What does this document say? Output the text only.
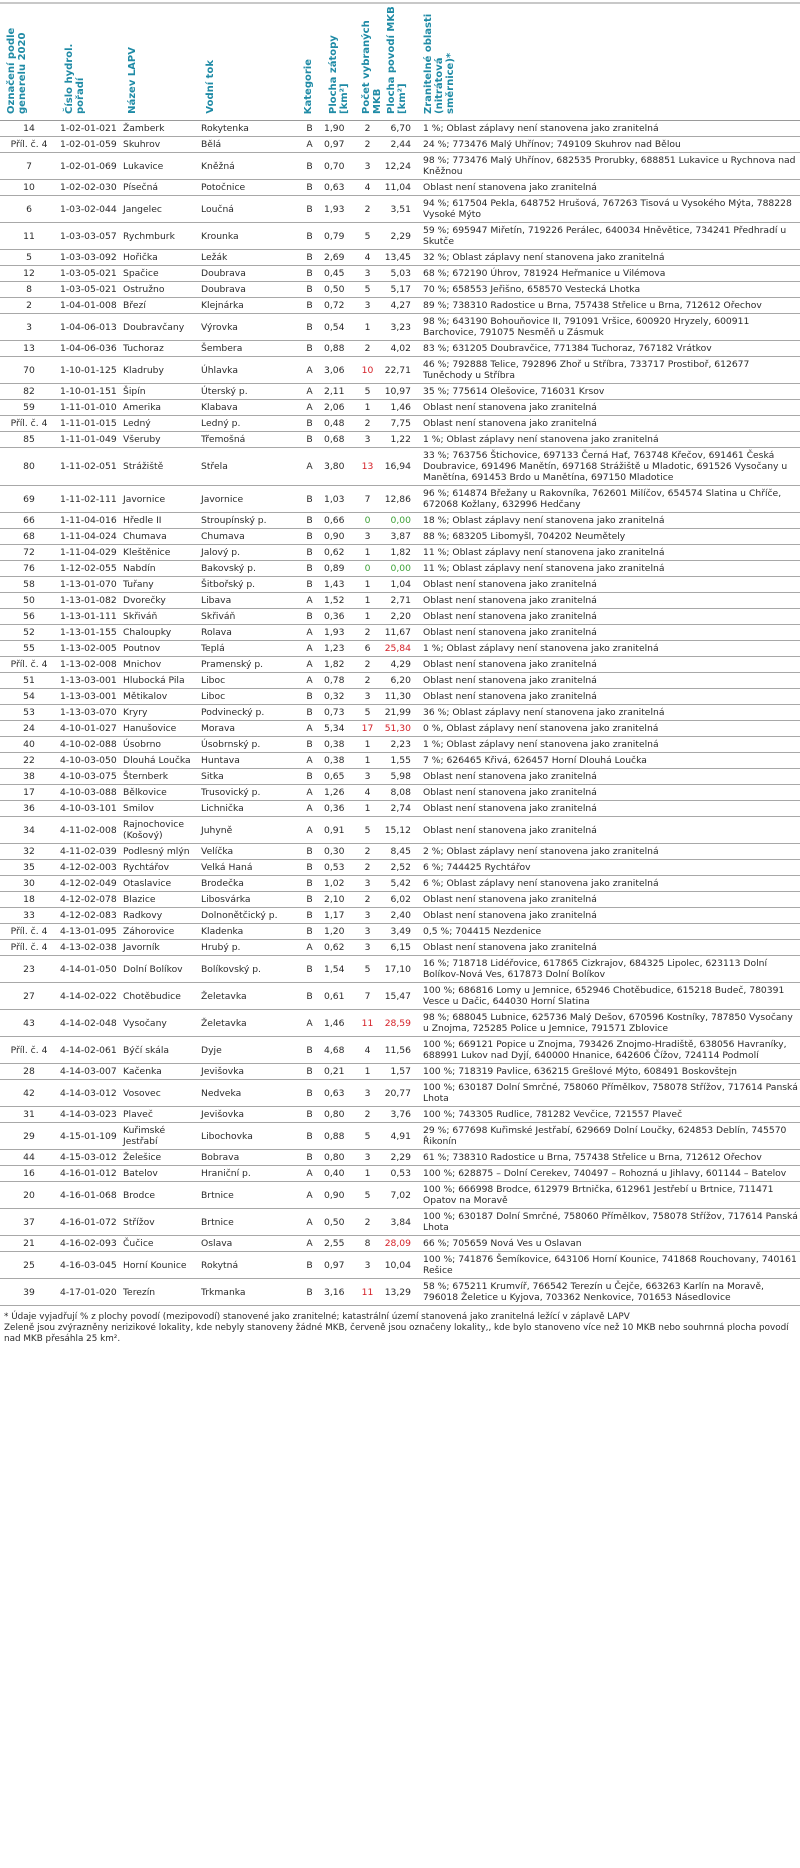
Označení podle generelu 2020	Číslo hydrol. pořadí	Název LAPV	Vodní tok	Kategorie	Plocha zátopy [km²]	Počet vybraných MKB	Plocha povodí MKB [km²]	Zranitelné oblasti (nitrátová směrnice)*

14	1-02-01-021	Žamberk	Rokytenka	B	1,90	2	6,70	1 %; Oblast záplavy není stanovena jako zranitelná
Příl. č. 4	1-02-01-059	Skuhrov	Bělá	A	0,97	2	2,44	24 %; 773476 Malý Uhřínov; 749109 Skuhrov nad Bělou
7	1-02-01-069	Lukavice	Kněžná	B	0,70	3	12,24	98 %; 773476 Malý Uhřínov, 682535 Prorubky, 688851 Lukavice u Rychnova nad Kněžnou
10	1-02-02-030	Písečná	Potočnice	B	0,63	4	11,04	Oblast není stanovena jako zranitelná
6	1-03-02-044	Jangelec	Loučná	B	1,93	2	3,51	94 %; 617504 Pekla, 648752 Hrušová, 767263 Tisová u Vysokého Mýta, 788228 Vysoké Mýto
11	1-03-03-057	Rychmburk	Krounka	B	0,79	5	2,29	59 %; 695947 Miřetín, 719226 Perálec, 640034 Hněvětice, 734241 Předhradí u Skutče
5	1-03-03-092	Hořička	Ležák	B	2,69	4	13,45	32 %; Oblast záplavy není stanovena jako zranitelná
12	1-03-05-021	Spačice	Doubrava	B	0,45	3	5,03	68 %; 672190 Úhrov, 781924 Heřmanice u Vilémova
8	1-03-05-021	Ostružno	Doubrava	B	0,50	5	5,17	70 %; 658553 Jeřišno, 658570 Vestecká Lhotka
2	1-04-01-008	Březí	Klejnárka	B	0,72	3	4,27	89 %; 738310 Radostice u Brna, 757438 Střelice u Brna, 712612 Ořechov
3	1-04-06-013	Doubravčany	Výrovka	B	0,54	1	3,23	98 %; 643190 Bohouňovice II, 791091 Vršice, 600920 Hryzely, 600911 Barchovice, 791075 Nesměň u Zásmuk
13	1-04-06-036	Tuchoraz	Šembera	B	0,88	2	4,02	83 %; 631205 Doubravčice, 771384 Tuchoraz, 767182 Vrátkov
70	1-10-01-125	Kladruby	Úhlavka	A	3,06	10	22,71	46 %; 792888 Telice, 792896 Zhoř u Stříbra, 733717 Prostiboř, 612677 Tuněchody u Stříbra
82	1-10-01-151	Šipín	Úterský p.	A	2,11	5	10,97	35 %; 775614 Olešovice, 716031 Krsov
59	1-11-01-010	Amerika	Klabava	A	2,06	1	1,46	Oblast není stanovena jako zranitelná
Příl. č. 4	1-11-01-015	Ledný	Ledný p.	B	0,48	2	7,75	Oblast není stanovena jako zranitelná
85	1-11-01-049	Všeruby	Třemošná	B	0,68	3	1,22	1 %; Oblast záplavy není stanovena jako zranitelná
80	1-11-02-051	Strážiště	Střela	A	3,80	13	16,94	33 %; 763756 Štichovice, 697133 Černá Hať, 763748 Křečov, 691461 Česká Doubravice, 691496 Manětín, 697168 Strážiště u Mladotic, 691526 Vysočany u Manětína, 691453 Brdo u Manětína, 697150 Mladotice
69	1-11-02-111	Javornice	Javornice	B	1,03	7	12,86	96 %; 614874 Břežany u Rakovníka, 762601 Milíčov, 654574 Slatina u Chříče, 672068 Kožlany, 632996 Hedčany
66	1-11-04-016	Hředle II	Stroupínský p.	B	0,66	0	0,00	18 %; Oblast záplavy není stanovena jako zranitelná
68	1-11-04-024	Chumava	Chumava	B	0,90	3	3,87	88 %; 683205 Libomyšl, 704202 Neumětely
72	1-11-04-029	Kleštěnice	Jalový p.	B	0,62	1	1,82	11 %; Oblast záplavy není stanovena jako zranitelná
76	1-12-02-055	Nabdín	Bakovský p.	B	0,89	0	0,00	11 %; Oblast záplavy není stanovena jako zranitelná
58	1-13-01-070	Tuřany	Šitbořský p.	B	1,43	1	1,04	Oblast není stanovena jako zranitelná
50	1-13-01-082	Dvorečky	Libava	A	1,52	1	2,71	Oblast není stanovena jako zranitelná
56	1-13-01-111	Skřiváň	Skřiváň	B	0,36	1	2,20	Oblast není stanovena jako zranitelná
52	1-13-01-155	Chaloupky	Rolava	A	1,93	2	11,67	Oblast není stanovena jako zranitelná
55	1-13-02-005	Poutnov	Teplá	A	1,23	6	25,84	1 %; Oblast záplavy není stanovena jako zranitelná
Příl. č. 4	1-13-02-008	Mnichov	Pramenský p.	A	1,82	2	4,29	Oblast není stanovena jako zranitelná
51	1-13-03-001	Hlubocká Pila	Liboc	A	0,78	2	6,20	Oblast není stanovena jako zranitelná
54	1-13-03-001	Mětikalov	Liboc	B	0,32	3	11,30	Oblast není stanovena jako zranitelná
53	1-13-03-070	Kryry	Podvinecký p.	B	0,73	5	21,99	36 %; Oblast záplavy není stanovena jako zranitelná
24	4-10-01-027	Hanušovice	Morava	A	5,34	17	51,30	0 %, Oblast záplavy není stanovena jako zranitelná
40	4-10-02-088	Úsobrno	Úsobrnský p.	B	0,38	1	2,23	1 %; Oblast záplavy není stanovena jako zranitelná
22	4-10-03-050	Dlouhá Loučka	Huntava	A	0,38	1	1,55	7 %; 626465 Křivá, 626457 Horní Dlouhá Loučka
38	4-10-03-075	Šternberk	Sitka	B	0,65	3	5,98	Oblast není stanovena jako zranitelná
17	4-10-03-088	Bělkovice	Trusovický p.	A	1,26	4	8,08	Oblast není stanovena jako zranitelná
36	4-10-03-101	Smilov	Lichnička	A	0,36	1	2,74	Oblast není stanovena jako zranitelná
34	4-11-02-008	Rajnochovice (Košový)	Juhyně	A	0,91	5	15,12	Oblast není stanovena jako zranitelná
32	4-11-02-039	Podlesný mlýn	Velíčka	B	0,30	2	8,45	2 %; Oblast záplavy není stanovena jako zranitelná
35	4-12-02-003	Rychtářov	Velká Haná	B	0,53	2	2,52	6 %; 744425 Rychtářov
30	4-12-02-049	Otaslavice	Brodečka	B	1,02	3	5,42	6 %; Oblast záplavy není stanovena jako zranitelná
18	4-12-02-078	Blazice	Libosvárka	B	2,10	2	6,02	Oblast není stanovena jako zranitelná
33	4-12-02-083	Radkovy	Dolnonětčický p.	B	1,17	3	2,40	Oblast není stanovena jako zranitelná
Příl. č. 4	4-13-01-095	Záhorovice	Kladenka	B	1,20	3	3,49	0,5 %; 704415 Nezdenice
Příl. č. 4	4-13-02-038	Javorník	Hrubý p.	A	0,62	3	6,15	Oblast není stanovena jako zranitelná
23	4-14-01-050	Dolní Bolíkov	Bolíkovský p.	B	1,54	5	17,10	16 %; 718718 Lidéřovice, 617865 Cizkrajov, 684325 Lipolec, 623113 Dolní Bolíkov-Nová Ves, 617873 Dolní Bolíkov
27	4-14-02-022	Chotěbudice	Želetavka	B	0,61	7	15,47	100 %; 686816 Lomy u Jemnice, 652946 Chotěbudice, 615218 Budeč, 780391 Vesce u Dačic, 644030 Horní Slatina
43	4-14-02-048	Vysočany	Želetavka	A	1,46	11	28,59	98 %; 688045 Lubnice, 625736 Malý Dešov, 670596 Kostníky, 787850 Vysočany u Znojma, 725285 Police u Jemnice, 791571 Zblovice
Příl. č. 4	4-14-02-061	Býčí skála	Dyje	B	4,68	4	11,56	100 %; 669121 Popice u Znojma, 793426 Znojmo-Hradiště, 638056 Havraníky, 688991 Lukov nad Dyjí, 640000 Hnanice, 642606 Čížov, 724114 Podmolí
28	4-14-03-007	Kačenka	Jevišovka	B	0,21	1	1,57	100 %; 718319 Pavlice, 636215 Grešlové Mýto, 608491 Boskovštejn
42	4-14-03-012	Vosovec	Nedveka	B	0,63	3	20,77	100 %; 630187 Dolní Smrčné, 758060 Přímělkov, 758078 Střížov, 717614 Panská Lhota
31	4-14-03-023	Plaveč	Jevišovka	B	0,80	2	3,76	100 %; 743305 Rudlice, 781282 Vevčice, 721557 Plaveč
29	4-15-01-109	Kuřimské Jestřabí	Libochovka	B	0,88	5	4,91	29 %; 677698 Kuřimské Jestřabí, 629669 Dolní Loučky, 624853 Deblín, 745570 Řikonín
44	4-15-03-012	Želešice	Bobrava	B	0,80	3	2,29	61 %; 738310 Radostice u Brna, 757438 Střelice u Brna, 712612 Ořechov
16	4-16-01-012	Batelov	Hraniční p.	A	0,40	1	0,53	100 %; 628875 – Dolní Cerekev, 740497 – Rohozná u Jihlavy, 601144 – Batelov
20	4-16-01-068	Brodce	Brtnice	A	0,90	5	7,02	100 %; 666998 Brodce, 612979 Brtnička, 612961 Jestřebí u Brtnice, 711471 Opatov na Moravě
37	4-16-01-072	Střížov	Brtnice	A	0,50	2	3,84	100 %; 630187 Dolní Smrčné, 758060 Přímělkov, 758078 Střížov, 717614 Panská Lhota
21	4-16-02-093	Čučice	Oslava	A	2,55	8	28,09	66 %; 705659 Nová Ves u Oslavan
25	4-16-03-045	Horní Kounice	Rokytná	B	0,97	3	10,04	100 %; 741876 Šemíkovice, 643106 Horní Kounice, 741868 Rouchovany, 740161 Rešice
39	4-17-01-020	Terezín	Trkmanka	B	3,16	11	13,29	58 %; 675211 Krumvíř, 766542 Terezín u Čejče, 663263 Karlín na Moravě, 796018 Želetice u Kyjova, 703362 Nenkovice, 701653 Násedlovice
* Údaje vyjadřují % z plochy povodí (mezipovodí) stanovené jako zranitelné; katastrální území stanovená jako zranitelná ležící v záplavě LAPV
Zeleně jsou zvýrazněny nerizikové lokality, kde nebyly stanoveny žádné MKB, červeně jsou označeny lokality,, kde bylo stanoveno více než 10 MKB nebo souhrnná plocha povodí nad MKB přesáhla 25 km².
